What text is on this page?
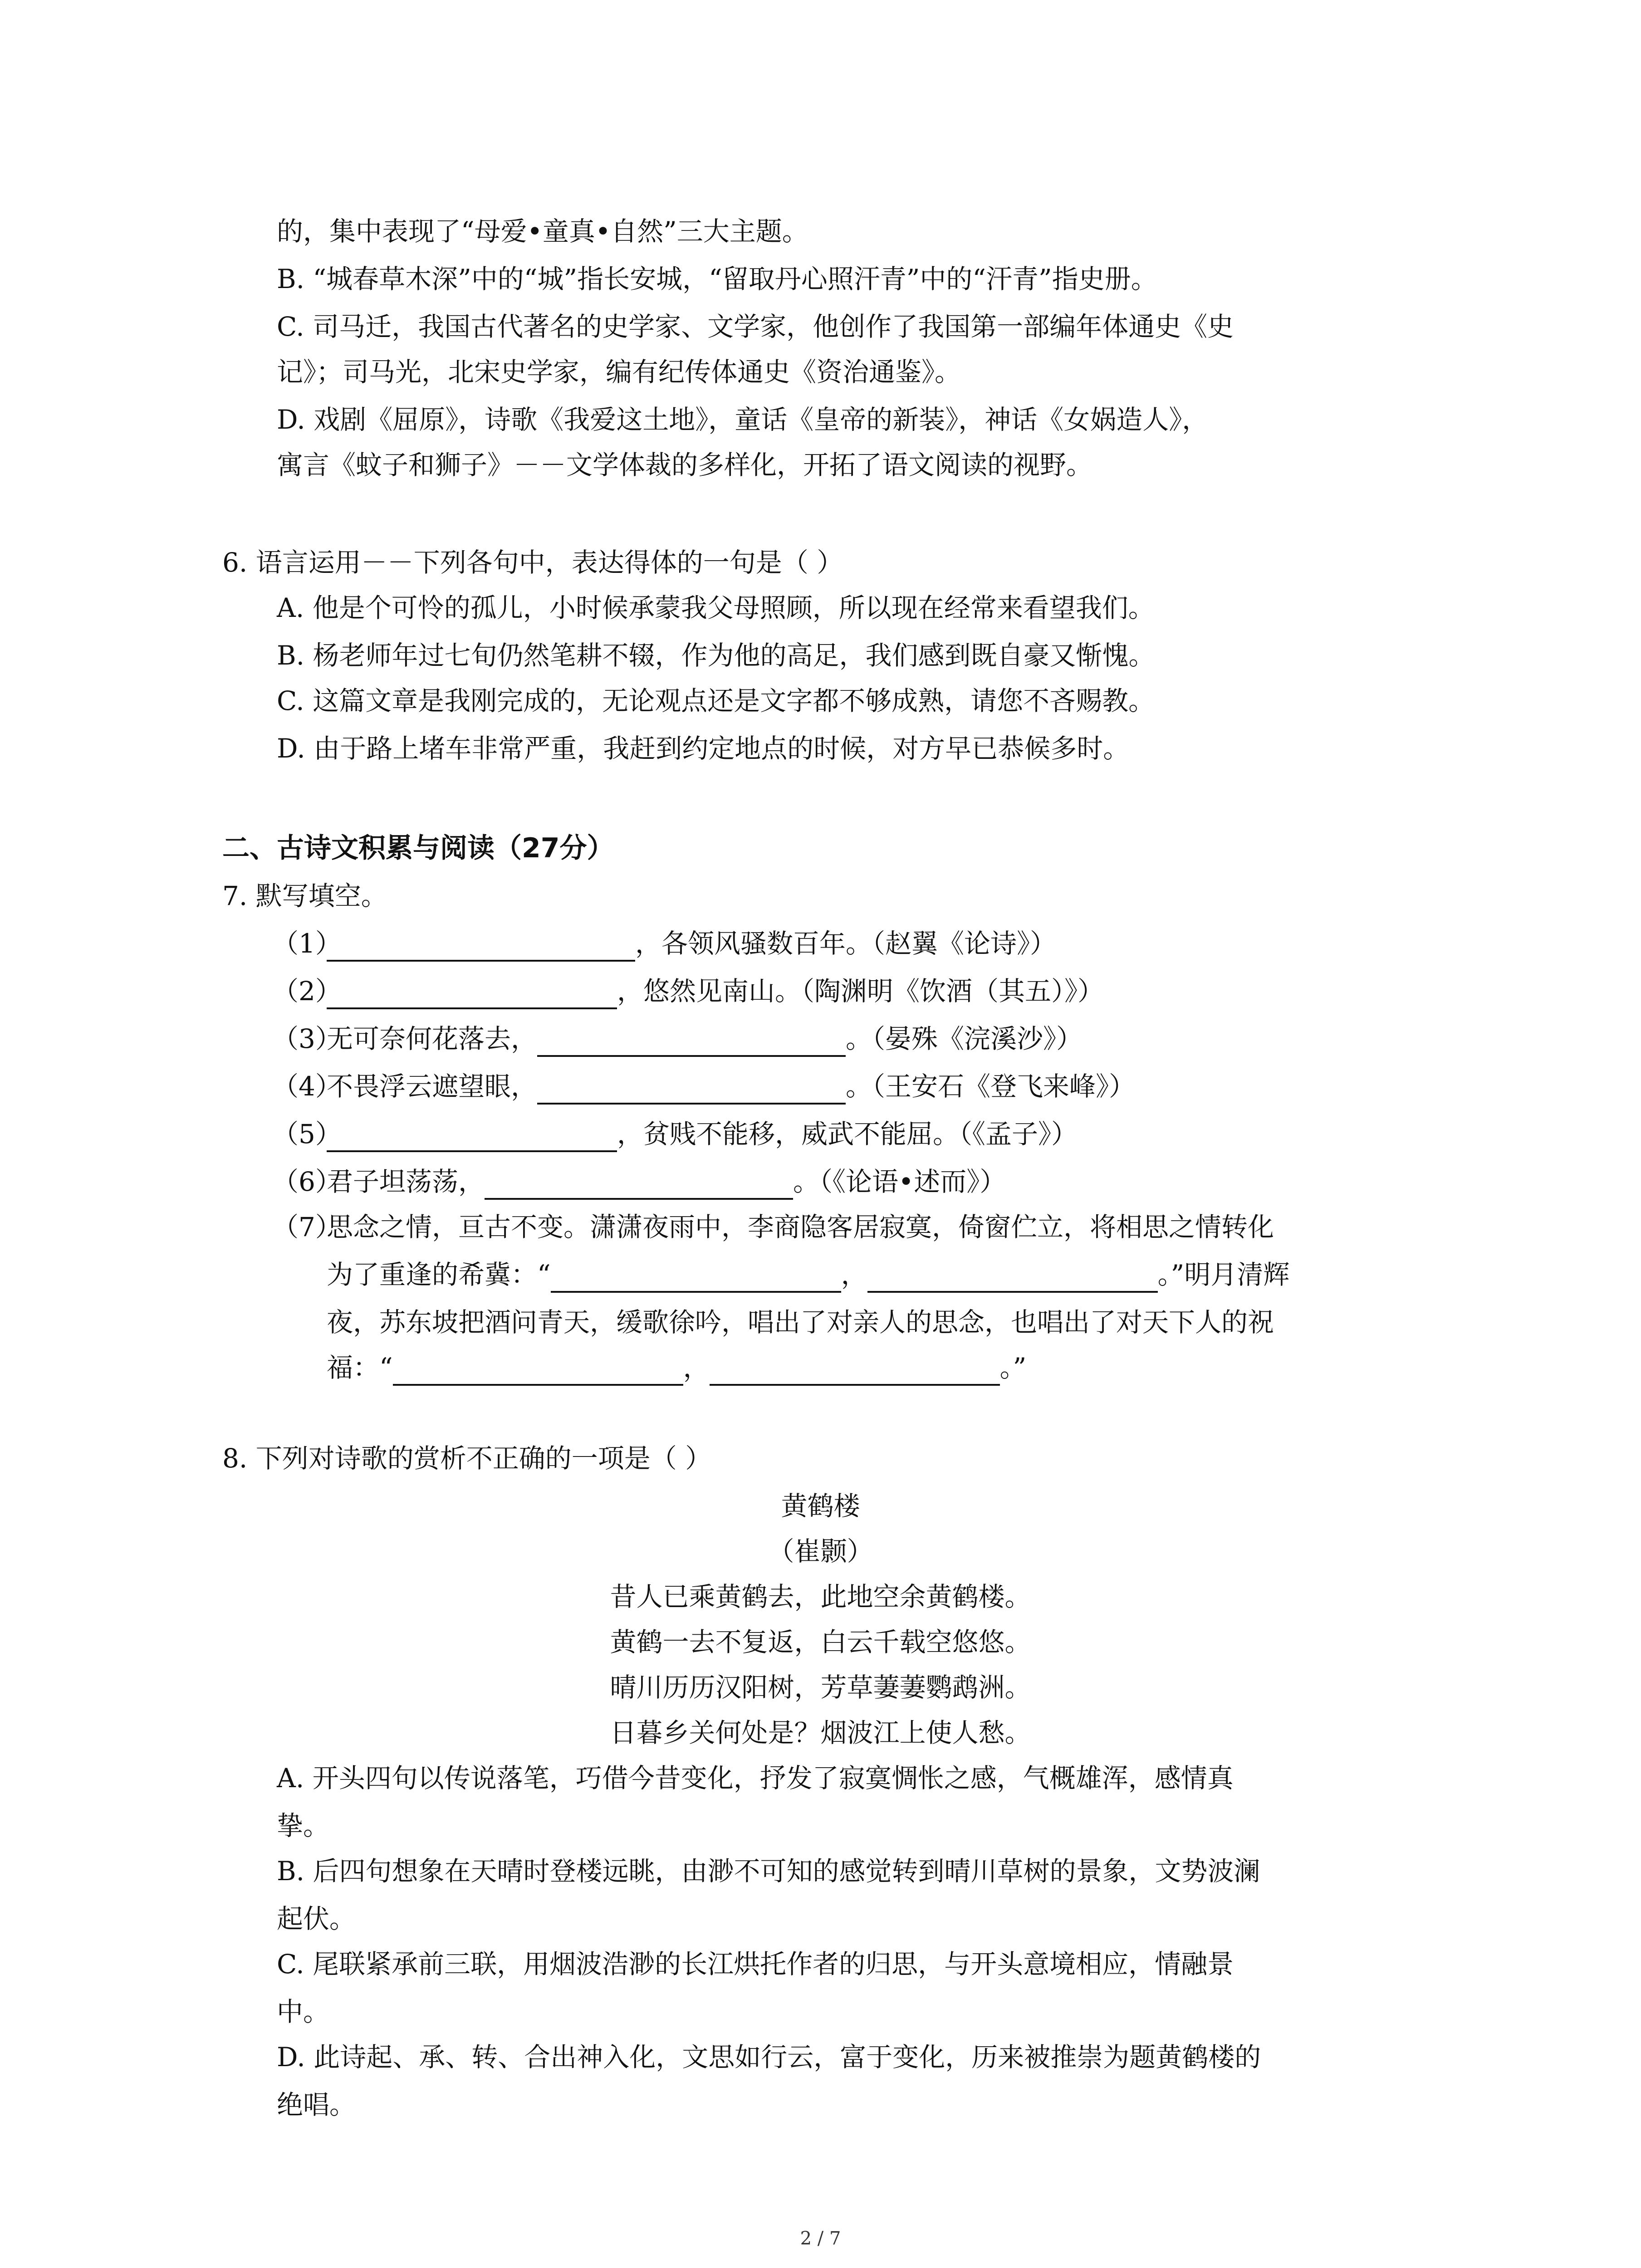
的，集中表现了“母爱•童真•自然”三大主题。
B. “城春草木深”中的“城”指长安城，“留取丹心照汗青”中的“汗青”指史册。
C. 司马迁，我国古代著名的史学家、文学家，他创作了我国第一部编年体通史《史
记》；司马光，北宋史学家，编有纪传体通史《资治通鉴》。
D. 戏剧《屈原》，诗歌《我爱这土地》，童话《皇帝的新装》，神话《女娲造人》，
寓言《蚊子和狮子》－－文学体裁的多样化，开拓了语文阅读的视野。
6. 语言运用－－下列各句中，表达得体的一句是（ ）
A. 他是个可怜的孤儿，小时候承蒙我父母照顾，所以现在经常来看望我们。
B. 杨老师年过七旬仍然笔耕不辍，作为他的高足，我们感到既自豪又惭愧。
C. 这篇文章是我刚完成的，无论观点还是文字都不够成熟，请您不吝赐教。
D. 由于路上堵车非常严重，我赶到约定地点的时候，对方早已恭候多时。
二、古诗文积累与阅读（27分）
7. 默写填空。
（1）	，各领风骚数百年。（赵翼《论诗》）
（2）	，悠然见南山。（陶渊明《饮酒（其五）》）
（3）无可奈何花落去，	。（晏殊《浣溪沙》）
（4）不畏浮云遮望眼，	。（王安石《登飞来峰》）
（5）	，贫贱不能移，威武不能屈。（《孟子》）
（6）君子坦荡荡，	。（《论语•述而》）
（7）思念之情，亘古不变。潇潇夜雨中，李商隐客居寂寞，倚窗伫立，将相思之情转化
为了重逢的希冀：“	，	。”明月清辉
夜，苏东坡把酒问青天，缓歌徐吟，唱出了对亲人的思念，也唱出了对天下人的祝
福：“	，	。”
8. 下列对诗歌的赏析不正确的一项是（ ）
黄鹤楼
（崔颢）
昔人已乘黄鹤去，此地空余黄鹤楼。
黄鹤一去不复返，白云千载空悠悠。
晴川历历汉阳树，芳草萋萋鹦鹉洲。
日暮乡关何处是？烟波江上使人愁。
A. 开头四句以传说落笔，巧借今昔变化，抒发了寂寞惆怅之感，气概雄浑，感情真
挚。
B. 后四句想象在天晴时登楼远眺，由渺不可知的感觉转到晴川草树的景象，文势波澜
起伏。
C. 尾联紧承前三联，用烟波浩渺的长江烘托作者的归思，与开头意境相应，情融景
中。
D. 此诗起、承、转、合出神入化，文思如行云，富于变化，历来被推崇为题黄鹤楼的
绝唱。
2 / 7
